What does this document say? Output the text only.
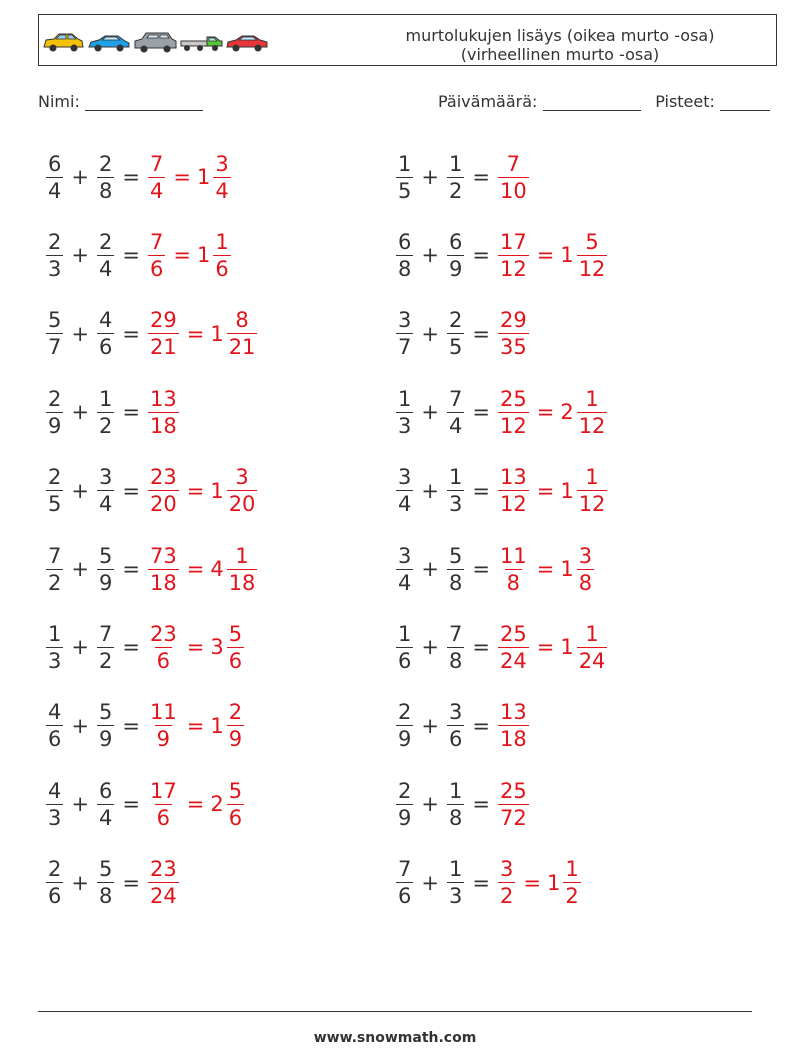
murtolukujen lisäys (oikea murto -osa)
(virheellinen murto -osa)
Nimi:	Päivämäärä:	Pisteet:
$\frac{6}{4} + \frac{2}{8} = \frac{7}{4} = 1 \frac{3}{4}$	$\frac{1}{5} + \frac{1}{2} = \frac{7}{10}$
$\frac{2}{3} + \frac{2}{4} = \frac{7}{6} = 1 \frac{1}{6}$	$\frac{6}{8} + \frac{6}{9} = \frac{17}{12} = 1 \frac{5}{12}$
$\frac{5}{7} + \frac{4}{6} = \frac{29}{21} = 1 \frac{8}{21}$	$\frac{3}{7} + \frac{2}{5} = \frac{29}{35}$
$\frac{2}{9} + \frac{1}{2} = \frac{13}{18}$	$\frac{1}{3} + \frac{7}{4} = \frac{25}{12} = 2 \frac{1}{12}$
$\frac{2}{5} + \frac{3}{4} = \frac{23}{20} = 1 \frac{3}{20}$	$\frac{3}{4} + \frac{1}{3} = \frac{13}{12} = 1 \frac{1}{12}$
$\frac{7}{2} + \frac{5}{9} = \frac{73}{18} = 4 \frac{1}{18}$	$\frac{3}{4} + \frac{5}{8} = \frac{11}{8} = 1 \frac{3}{8}$
$\frac{1}{3} + \frac{7}{2} = \frac{23}{6} = 3 \frac{5}{6}$	$\frac{1}{6} + \frac{7}{8} = \frac{25}{24} = 1 \frac{1}{24}$
$\frac{4}{6} + \frac{5}{9} = \frac{11}{9} = 1 \frac{2}{9}$	$\frac{2}{9} + \frac{3}{6} = \frac{13}{18}$
$\frac{4}{3} + \frac{6}{4} = \frac{17}{6} = 2 \frac{5}{6}$	$\frac{2}{9} + \frac{1}{8} = \frac{25}{72}$
$\frac{2}{6} + \frac{5}{8} = \frac{23}{24}$	$\frac{7}{6} + \frac{1}{3} = \frac{3}{2} = 1 \frac{1}{2}$
www.snowmath.com
